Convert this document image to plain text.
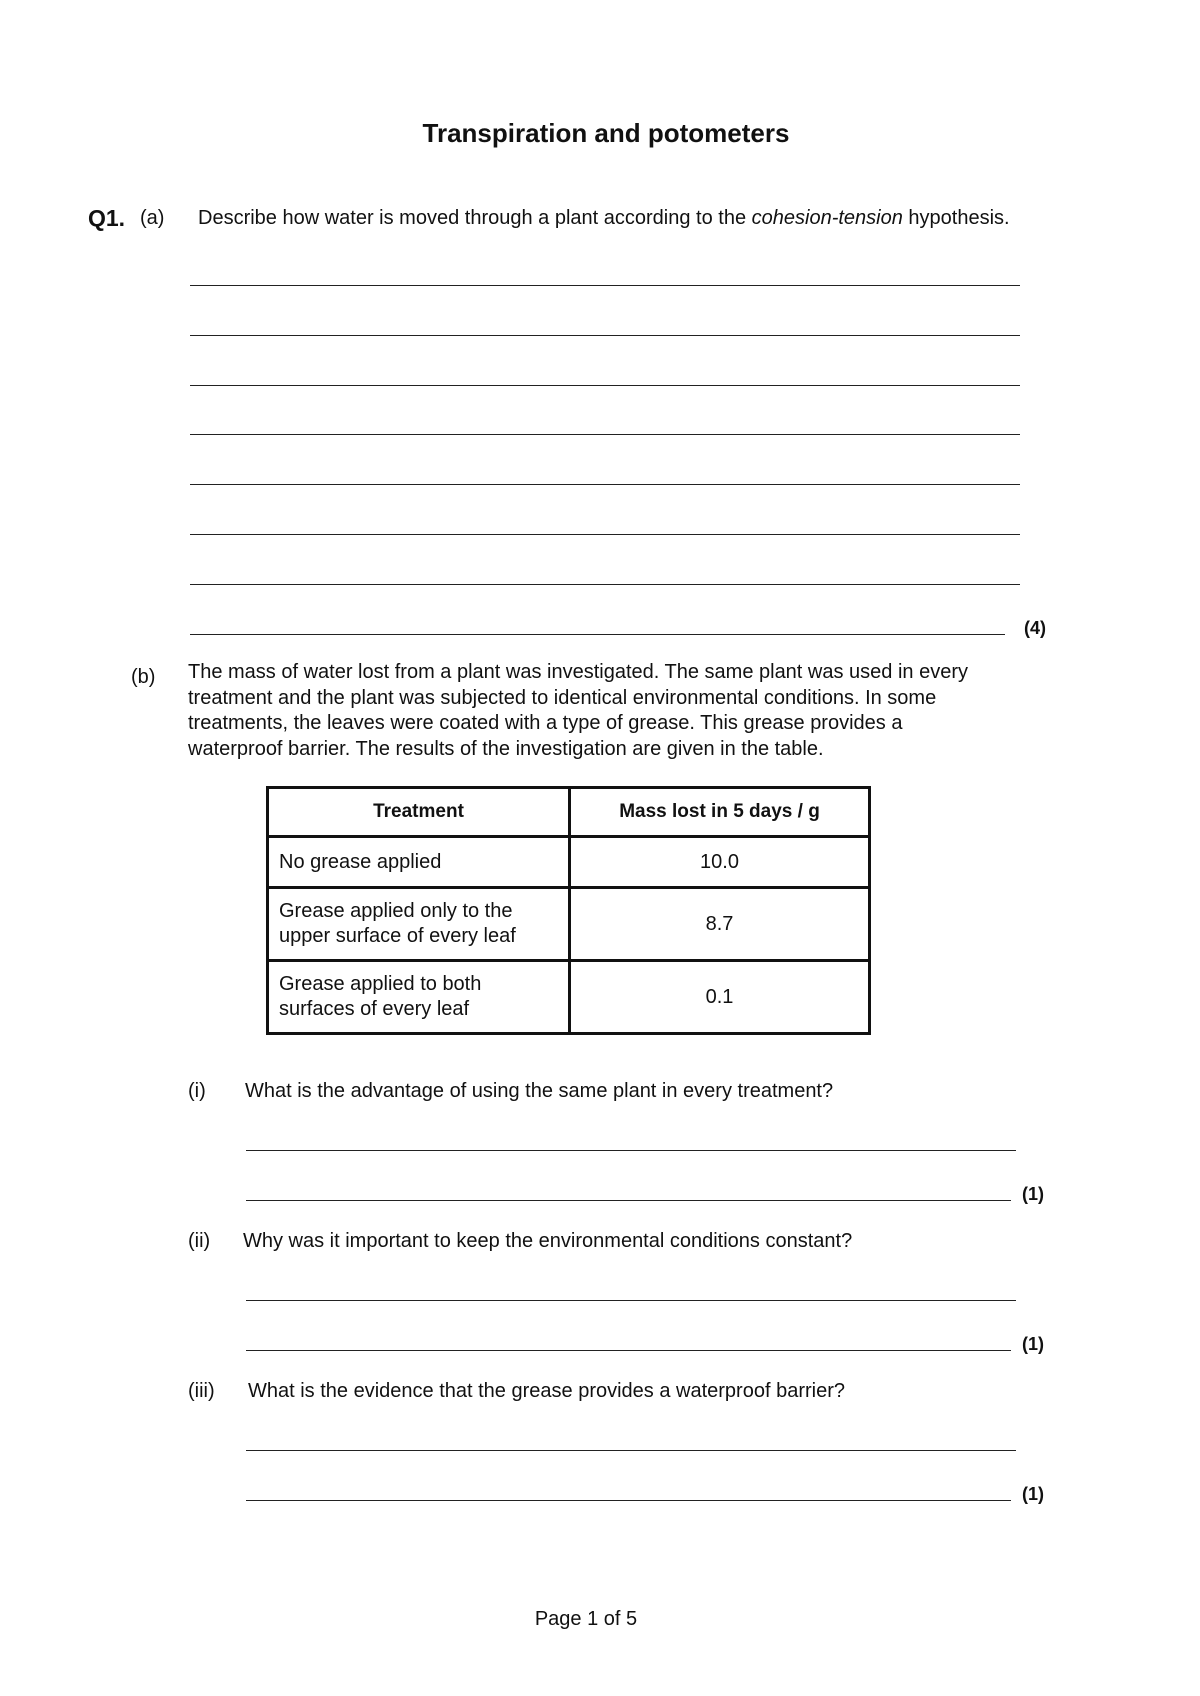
Transpiration and potometers
Q1. (a) Describe how water is moved through a plant according to the cohesion-tension hypothesis.
(4)
(b) The mass of water lost from a plant was investigated. The same plant was used in every
treatment and the plant was subjected to identical environmental conditions. In some
treatments, the leaves were coated with a type of grease. This grease provides a
waterproof barrier. The results of the investigation are given in the table.
Treatment	Mass lost in 5 days / g
No grease applied	10.0

Grease applied only to the
upper surface of every leaf	8.7

Grease applied to both
surfaces of every leaf	0.1
(i) What is the advantage of using the same plant in every treatment?
(1)
(ii) Why was it important to keep the environmental conditions constant?
(1)
(iii) What is the evidence that the grease provides a waterproof barrier?
(1)
Page 1 of 5
